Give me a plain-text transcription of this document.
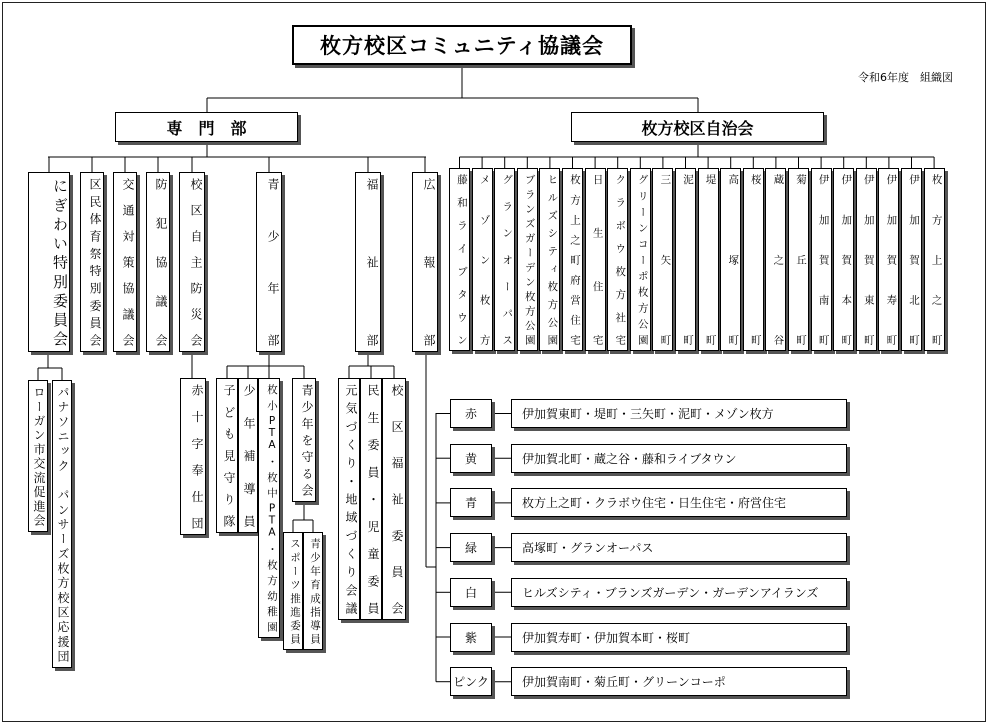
枚方校区コミュニティ協議会
専　門　部	枚方校区自治会
にぎわい特別委員会	区民体育祭特別委員会	交通対策協議会	防犯協議会	校区自主防災会	青少年部	福祉部	広報部
ローガン市交流促進会 パナソニック　パンサーズ枚方校区応援団	赤十字奉仕団	子ども見守り隊 少年補導員 枚小PTA・枚中PTA・枚方幼稚園	青少年を守る会
スポーツ推進委員 青少年育成指導員	元気づくり・地域づくり会議 民生委員・児童委員 校区福祉委員会
藤和ライブタウン	メゾン枚方	グランオーパス	ブランズガーデン枚方公園	ヒルズシティ枚方公園	枚方上之町府営住宅	日生住宅	クラボウ枚方社宅	グリーンコーポ枚方公園	三矢町	泥町	堤町	高塚町	桜町	蔵之谷	菊丘町	伊加賀南町	伊加賀本町	伊加賀東町	伊加賀寿町	伊加賀北町	枚方上之町
赤	伊加賀東町・堤町・三矢町・泥町・メゾン枚方
黄	伊加賀北町・蔵之谷・藤和ライブタウン
青	枚方上之町・クラボウ住宅・日生住宅・府営住宅
緑	高塚町・グランオーパス
白	ヒルズシティ・ブランズガーデン・ガーデンアイランズ
紫	伊加賀寿町・伊加賀本町・桜町
ピンク	伊加賀南町・菊丘町・グリーンコーポ
令和6年度　組織図
